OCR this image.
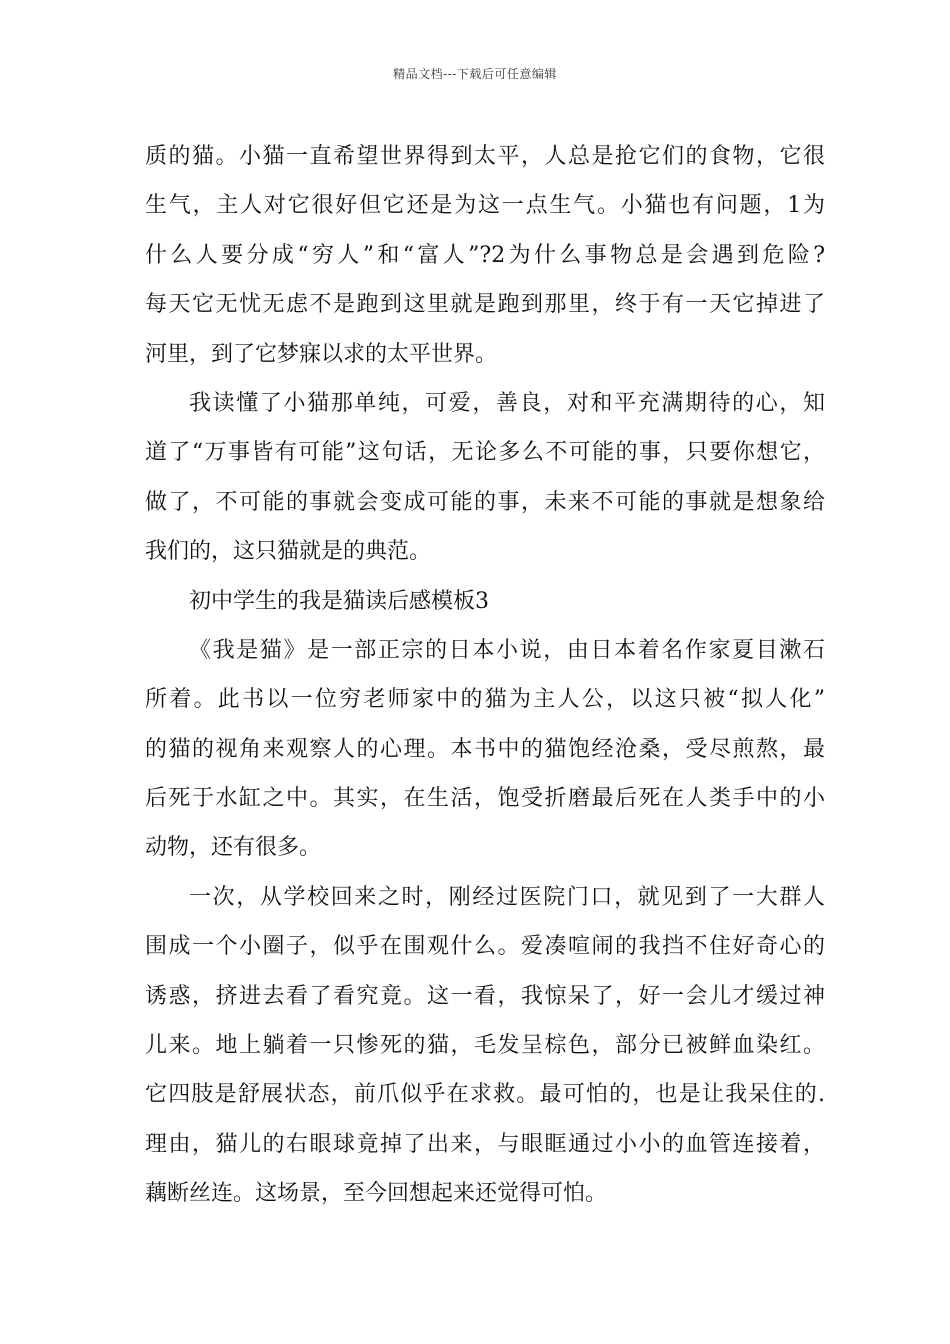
精品文档---下载后可任意编辑
质的猫。小猫一直希望世界得到太平，人总是抢它们的食物，它很
生气，主人对它很好但它还是为这一点生气。小猫也有问题，1为
什么人要分成“穷人”和“富人”?2为什么事物总是会遇到危险?
每天它无忧无虑不是跑到这里就是跑到那里，终于有一天它掉进了
河里，到了它梦寐以求的太平世界。
我读懂了小猫那单纯，可爱，善良，对和平充满期待的心，知
道了“万事皆有可能”这句话，无论多么不可能的事，只要你想它，
做了，不可能的事就会变成可能的事，未来不可能的事就是想象给
我们的，这只猫就是的典范。
初中学生的我是猫读后感模板3
《我是猫》是一部正宗的日本小说，由日本着名作家夏目漱石
所着。此书以一位穷老师家中的猫为主人公，以这只被“拟人化”
的猫的视角来观察人的心理。本书中的猫饱经沧桑，受尽煎熬，最
后死于水缸之中。其实，在生活，饱受折磨最后死在人类手中的小
动物，还有很多。
一次，从学校回来之时，刚经过医院门口，就见到了一大群人
围成一个小圈子，似乎在围观什么。爱凑喧闹的我挡不住好奇心的
诱惑，挤进去看了看究竟。这一看，我惊呆了，好一会儿才缓过神
儿来。地上躺着一只惨死的猫，毛发呈棕色，部分已被鲜血染红。
它四肢是舒展状态，前爪似乎在求救。最可怕的，也是让我呆住的.
理由，猫儿的右眼球竟掉了出来，与眼眶通过小小的血管连接着，
藕断丝连。这场景，至今回想起来还觉得可怕。
